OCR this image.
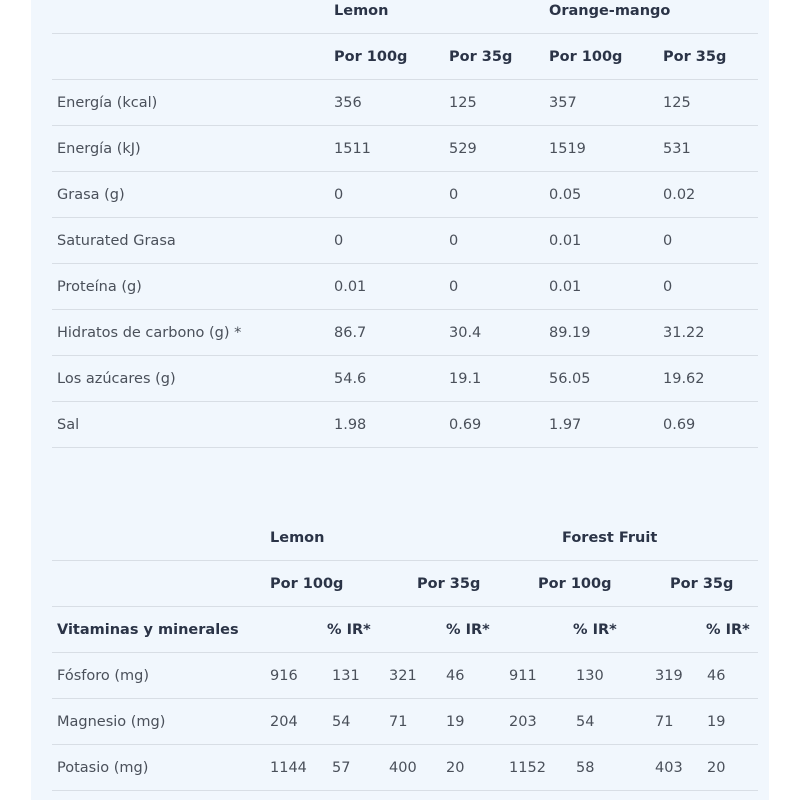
	Lemon		Orange-mango	
	Por 100g	Por 35g	Por 100g	Por 35g
Energía (kcal)	356	125	357	125
Energía (kJ)	1511	529	1519	531
Grasa (g)	0	0	0.05	0.02
Saturated Grasa	0	0	0.01	0
Proteína (g)	0.01	0	0.01	0
Hidratos de carbono (g) *	86.7	30.4	89.19	31.22
Los azúcares (g)	54.6	19.1	56.05	19.62
Sal	1.98	0.69	1.97	0.69
	Lemon				Forest Fruit			
	Por 100g		Por 35g		Por 100g		Por 35g	
Vitaminas y minerales	% IR*		% IR*		% IR*		% IR*	
Fósforo (mg)	916	131	321	46	911	130	319	46
Magnesio (mg)	204	54	71	19	203	54	71	19
Potasio (mg)	1144	57	400	20	1152	58	403	20
